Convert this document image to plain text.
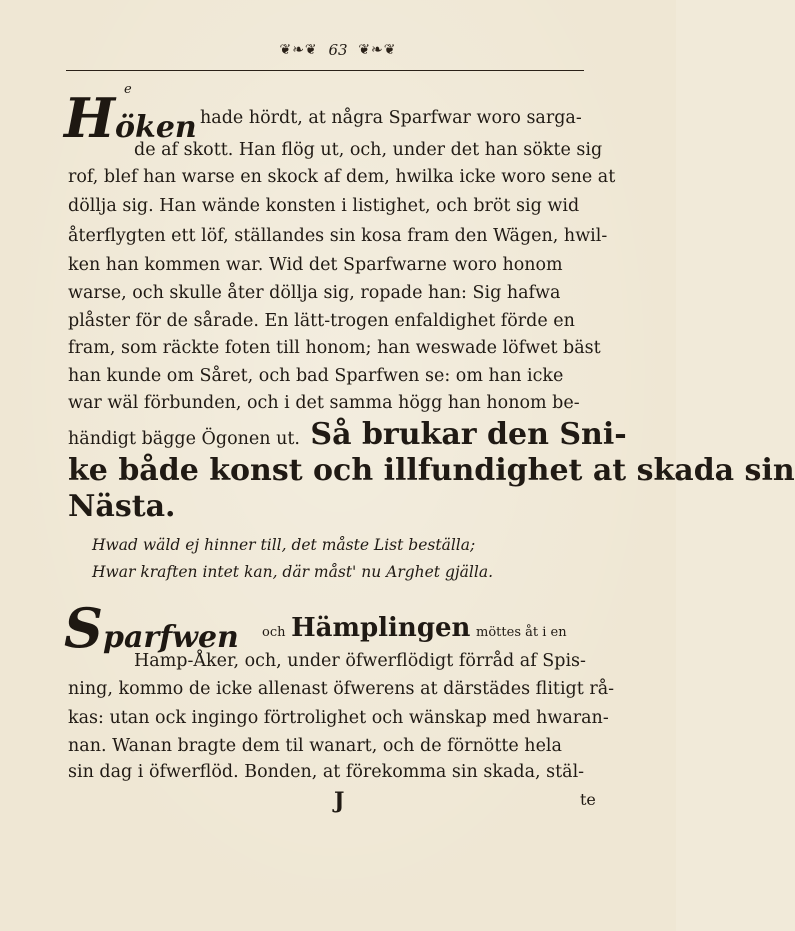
❦❧❦ 63 ❦❧❦
e
Höken hade hördt, at några Sparfwar woro sarga-
de af skott. Han flög ut, och, under det han sökte sig
rof, blef han warse en skock af dem, hwilka icke woro sene at
döllja sig. Han wände konsten i listighet, och bröt sig wid
återflygten ett löf, ställandes sin kosa fram den Wägen, hwil-
ken han kommen war. Wid det Sparfwarne woro honom
warse, och skulle åter döllja sig, ropade han: Sig hafwa
plåster för de sårade. En lätt-trogen enfaldighet förde en
fram, som räckte foten till honom; han weswade löfwet bäst
han kunde om Såret, och bad Sparfwen se: om han icke
war wäl förbunden, och i det samma högg han honom be-
händigt bägge Ögonen ut. Så brukar den Sni-
ke både konst och illfundighet at skada sin
Nästa.
Hwad wäld ej hinner till, det måste List beställa;
Hwar kraften intet kan, där måst' nu Arghet gjälla.
Sparfwen och Hämplingen möttes åt i en
Hamp-Åker, och, under öfwerflödigt förråd af Spis-
ning, kommo de icke allenast öfwerens at därstädes flitigt rå-
kas: utan ock ingingo förtrolighet och wänskap med hwaran-
nan. Wanan bragte dem til wanart, och de förnötte hela
sin dag i öfwerflöd. Bonden, at förekomma sin skada, stäl-
J	te
